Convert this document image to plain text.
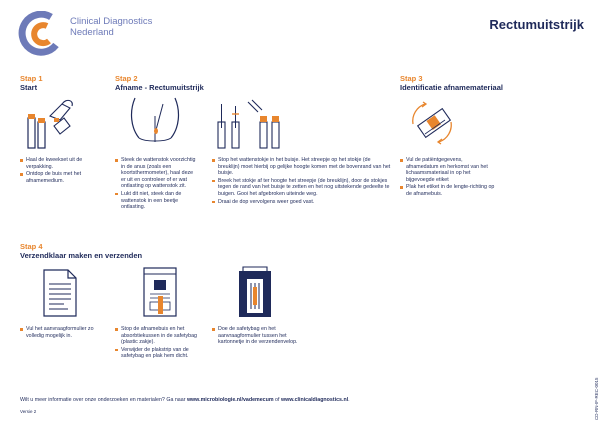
Clinical Diagnostics
Nederland
Rectumuitstrijk
Stap 1
Start
Haal de kweekset uit de verpakking.
Ontdop de buis met het afnamemedium.
Stap 2
Afname - Rectumuitstrijk
Steek de wattenstok voorzichtig in de anus (zoals een koortsthermometer), haal deze er uit en controleer of er wat ontlasting op wattenstok zit.
Lukt dit niet, steek dan de wattenstok in een beetje ontlasting.
Stop het wattenstokje in het buisje. Het streepje op het stokje (de breuklijn) moet hierbij op gelijke hoogte komen met de bovenrand van het buisje.
Breek het stokje af ter hoogte het streepje (de breuklijn), door de stokjes tegen de rand van het buisje te zetten en het nog uitstekende gedeelte te buigen. Gooi het afgebroken uiteinde weg.
Draai de dop vervolgens weer goed vast.
Stap 3
Identificatie afnamemateriaal
Vul de patiëntgegevens, afnamedatum en herkomst van het lichaamsmateriaal in op het bijgevoegde etiket
Plak het etiket in de lengte-richting op de afnamebuis.
Stap 4
Verzendklaar maken en verzenden
Vul het aanvraagformulier zo volledig mogelijk in.
Stop de afnamebuis en het absorbtiekussen in de safetybag (plastic zakje).
Verwijder de plakstrip van de safetybag en plak hem dicht.
Doe de safetybag en het aanvraagformulier tussen het kartonnetje in de verzendenvelop.
Wilt u meer informatie over onze onderzoeken en materialen? Ga naar www.microbiologie.nl/vademecum of www.clinicaldiagnostics.nl.
Versie 2	CD-RN-IF-REC-0015
